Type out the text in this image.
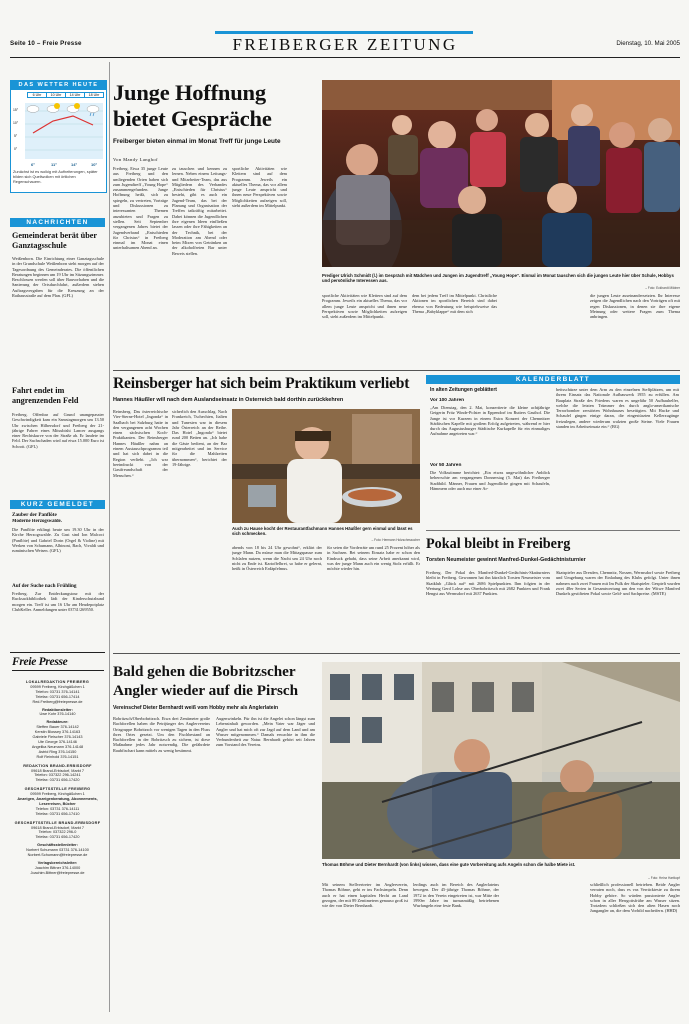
Seite 10 – Freie Presse	FREIBERGER ZEITUNG	Dienstag, 10. Mai 2005
DAS WETTER HEUTE
6 Uhr	10 Uhr	14 Uhr	18 Uhr
15°
10°
5°
0°
6°	11°	14°	10°
Zunächst ist es wolkig mit Aufheiterungen, später bilden sich Quellwolken mit örtlichen Regenschauern.
NACHRICHTEN
Gemeinderat berät über Ganztagsschule
Weißenborn. Die Einrichtung einer Ganztagsschule in der Grundschule Weißenborn steht morgen auf der Tagesordnung des Gemeinderates. Die öffentlichen Beratungen beginnen um 19 Uhr im Sitzungszimmer. Beschlossen werden soll über Bauvorhaben und die Sanierung der Ortsdurchfahrt, außerdem stehen Auftragsvergaben für die Kreuzung an der Rathausstraße auf dem Plan. (GFL)
Fahrt endet im angrenzenden Feld
Freiberg. Offenbar auf Grund unangepasster Geschwindigkeit kam ein Samstagmorgen um 13.50 Uhr zwischen Hilbersdorf und Freiberg der 21-jährige Fahrer eines Mitsubishi Lancer ausgangs einer Rechtskurve von der Straße ab. Er landete im Feld. Der Sachschaden wird auf etwa 15.000 Euro ist Schrott. (GFL)
KURZ GEMELDET
Zauber der Panflöte
Moderne Herzogswalde.
Die Panflöte erklingt heute um 19.30 Uhr in der Kirche Herzogswalde. Zu Gast sind Ion Malcoci (Panflöte) und Gabriel Dorin (Orgel & Violine) mit Werken von Schumann, Albinoni, Bach, Vivaldi und rumänischen Weisen. (GFL)
Auf der Suche nach Frühling
Freiberg. Zur Entdeckungstour mit der Rucksackbibliothek lädt der Kinderschutzbund morgen ein. Treff ist um 16 Uhr am Heudepotplatz ClubKeller. Anmeldungen unter 03731/269550.
Freie Presse
LOKALREDAKTION FREIBERG
09599 Freiberg, Kirchgäßchen 1
Telefon: 03731 376-14141
Telefax: 03731 656-17414
Red.Freiberg@freiepresse.de
Redaktionsleiter:
Uwe Kohr 376-14140
Redakteure:
Steffen Bauer 376-14142
Kerstin Blossey 376-14163
Gabriele Fleischer 376-14143
Ute George 376-14146
Angelika Neumann 376-14148
Astrid Ring 376-14150
Rolf Reinhold 376-14151
REDAKTION BRAND-ERBISDORF
09618 Brand-Erbisdorf, Markt 7
Telefon: 037322 296-14241
Telefax: 03731 656-17420
GESCHÄFTSSTELLE FREIBERG
09599 Freiberg, Kirchgäßchen 1
Anzeigen, Anzeigenberatung, Abonnements, Leserreisen, Bücher
Telefon: 03731 376-14111
Telefax: 03731 656-17410
GESCHÄFTSSTELLE BRAND-ERBISDORF
09618 Brand-Erbisdorf, Markt 7
Telefon: 037322 296-0
Telefax: 03731 656-17420
Geschäftsstellenleiter:
Norbert Schumann 03731 376-14100
Norbert.Schumann@freiepresse.de
Verlagsbereichsleiter:
Joachim Bittner 376-14000
Joachim.Bittner@freiepresse.de
Junge Hoffnung bietet Gespräche
Freiberger bieten einmal im Monat Treff für junge Leute
Von Mandy Langhof
Freiberg. Etwa 35 junge Leute aus Freiberg und den umliegenden Orten haben sich zum Jugendtreff „Young Hope“ zusammengefunden. Junge Hoffnung heißt, sich zu spiegeln, zu vertreten, Vorträge und Diskussionen zu interessanten Themen anzubieten und Fragen zu stellen. Seit September vergangenen Jahres bietet der Jugendverband „Entschieden für Christus“ in Freiberg einmal im Monat einen unterhaltsamen Abend an.
zu tauschen und kennen zu lernen. Neben einem Leitungs- und Mitarbeiter-Team, das aus Mitgliedern des Verbandes „Entschieden für Christus“ besteht, gibt es auch ein Jugend-Team, das bei der Planung und Organisation der Treffen tatkräftig mitarbeitet. Dabei können die Jugendlichen ihre eigenen Ideen einfließen lassen oder ihre Fähigkeiten an der Technik, bei der Moderation am Abend oder beim Mixen von Getränken an der alkoholfreien Bar unter Beweis stellen.
sportliche Aktivitäten wie Klettern sind auf dem Programm. Jeweils ein aktuelles Thema, das vor allem junge Leute anspricht und ihnen neue Perspektiven sowie Möglichkeiten aufzeigen soll, steht außerdem im Mittelpunkt.
Prediger Ulrich Schmidt (l.) im Gespräch mit Mädchen und Jungen im Jugendtreff „Young Hope“. Einmal im Monat tauschen sich die jungen Leute hier über Schule, Hobbys und persönliche Interessen aus.
– Foto: Eckhardt Mildner
sportliche Aktivitäten wie Klettern sind auf dem Programm. Jeweils ein aktuelles Thema, das vor allem junge Leute anspricht und ihnen neue Perspektiven sowie Möglichkeiten aufzeigen soll, steht außerdem im Mittelpunkt.
dem bei jedem Treff im Mittelpunkt. Christliche Aktionen im sportlichen Bereich sind dabei ebenso von Bedeutung wie beispielsweise das Thema „Babyklappe“ mit dem sich
die jungen Leute auseinandersetzten. Ihr Interesse zeigen die Jugendlichen nach den Vorträgen oft mit regen Diskussionen, in denen sie ihre eigene Meinung oder weitere Fragen zum Thema anbringen.
Reinsberger hat sich beim Praktikum verliebt
Hannes Häußler will nach dem Auslandseinsatz in Österreich bald dorthin zurückkehren
Reinsberg. Das österreichische Vier-Sterne-Hotel „Ingonda“ in Saalbach bei Salzburg hatte in den vergangenen acht Wochen einen sächsischen Koch-Praktikanten. Der Reinsberger Hannes Häußler nahm an einem Austauschprogramm teil und hat sich dabei in die Region verliebt. „Ich war beeindruckt von der Gastfreundschaft der Menschen.“
sicherlich den Ausschlag. Nach Frankreich, Tschechien, Italien und Tunesien war in diesem Jahr Österreich an der Reihe. Das Hotel „Ingonda“ bietet rund 200 Betten an. „Ich habe die Gäste bedient, an der Bar mitgearbeitet und im Service für die Mahlzeiten übernommen“, berichtet der 19-Jährige.
Auch zu Hause kocht der Restaurantfachmann Hannes Häußler gern einmal und lässt es sich schmecken.
– Foto: Hermann Holzschmaucher
abends von 18 bis 24 Uhr gewohnt“, erklärt der junge Mann. Da müsse man die Mittagspause zum Schlafen nutzen, wenn die Nacht um 24 Uhr noch nicht zu Ende ist. Kartoffelbrei, so habe er gelernt, heißt in Österreich Erdäpfelmus.
für seien die Vorderräte um rund 25 Prozent höher als in Sachsen. Bei seinem Einsatz habe er schon den Eindruck gehabt, dass seine Arbeit anerkannt wird, was der junge Mann auch ein wenig Stolz erfüllt. Er möchte wieder hin.
KALENDERBLATT
In alten Zeitungen geblättert
Vor 100 Jahren
„Am Dienstag, den 2. Mai, konzertierte die kleine achtjährige Geigerin Fritz Winde-Polster in Eppendorf im Rutters Gasthof. Die Junge ist vor Kurzem in einem Extra Konzert der Chemnitzer Städtischen Kapelle mit großem Erfolg aufgetreten, während er hier durch das Augustusburger Städtische Kurkapelle für ein einmaliges Aufnahme angetreten war.“
Vor 50 Jahren
Die Volksstimme berichtet: „Ein etwas ungewöhnlicher Anblick beherrschte am vergangenen Donnerstag (5. Mai) das Freiberger Stadtbild. Männer, Frauen und Jugendliche gingen mit Schaufeln, Hämmern oder auch nur einer Ar-
beitsschürze unter dem Arm zu den einzelnen Steffplätzen, um mit ihrem Einsatz das Nationale Aufbauwerk 1955 zu erfüllen. Am Bauplatz Straße des Friedens waren es ungefähr 50 Aufbauhelfer, welche die letzten Trümmer des durch anglo-amerikanische Terrorbomber zerstörten Wohnhauses beseitigten. Mit Hacke und Schaufel gingen einige daran, die eingestürzten Kellerzugänge freizulegen, andere wiederum walzten große Steine. Viele Frauen standen im Arbeitseinsatz ein.“ (BG)
Pokal bleibt in Freiberg
Torsten Neumeister gewinnt Manfred-Dunkel-Gedächtnisturnier
Freiberg. Der Pokal des Manfred-Dunkel-Gedächtnis-Skatturniers bleibt in Freiberg. Gewonnen hat ihn kürzlich Torsten Neumeister vom Skatklub „Glück auf“ mit 2686 Spielpunkten. Ihm folgten in der Wertung Gerd Lohse aus Oberbobritzsch mit 2682 Punkten und Frank Hengst aus Wermsdorf mit 2637 Punkten.
Skatspieler aus Dresden, Chemnitz, Nossen, Wermsdorf sowie Freiberg und Umgebung waren der Einladung des Klubs gefolgt. Unter ihnen nahmen auch zwei Frauen mit Im Pulk der Skatspieler. Gespielt wurden zwei 48er Serien in Gesamtwertung um den von der Witwe Manfred Dunkels gestifteten Pokal sowie Geld- und Sachpreise. (MSTE)
Bald gehen die Bobritzscher Angler wieder auf die Pirsch
Vereinschef Dieter Bernhardt weiß vom Hobby mehr als Anglerlatein
Bobritzsch/Oberbobritzsch. Etwa drei Zentimeter große Bachforellen haben die Petrijünger des Anglervereins Ortsgruppe Bobritzsch vor wenigen Tagen in den Fluss ihres Ortes gesetzt. Um den Fischbestand an Bachforellen in der Bobritzsch zu sichern, ist diese Maßnahme jedes Jahr notwendig. Die gefährdete Raubfischart kann mittels zu wenig bestimmt.
Augenwinkeln. Für ihn ist die Angelei schon längst zum Lebensinhalt geworden. „Mein Vater war Jäger und Angler und hat mich oft zur Jagd auf dem Land und am Wasser mitgenommen.“ Damals erwachte in ihm die Verbundenheit zur Natur. Bernhardt gehört seit Jahren zum Vorstand des Vereins.
Thomas Böhme und Dieter Bernhardt (von links) wissen, dass eine gute Vorbereitung aufs Angeln schon die halbe Miete ist.
– Foto: Heinz Hartkopf
Mit seinem Stellvertreter im Anglerverein, Thomas Böhme, geht er ins Fachsimpeln. Denn auch er hat einen kapitalen Hecht an Land gezogen, der mit 89 Zentimetern genauso groß ist wie der von Dieter Bernhardt.
lerdings auch im Bereich des Anglerlateins bewegen. Der 45-jährige Thomas Böhme, der 1972 in den Verein eingetreten ist, war Mitte der 1990er Jahre im turnusmäßig betriebenen Wurfangeln eine feste Bank.
schließlich professionell betrieben. Beide Angler verraten noch, dass es vas Verrückteste zu ihrem Hobby gehöre. So würden passionierte Angler schon in aller Herrgottsfrühe am Wasser sitzen. Trotzdem schließen sich den alten Hasen noch Jungangler an, die dem Vorbild nacheifern. (HHD)
